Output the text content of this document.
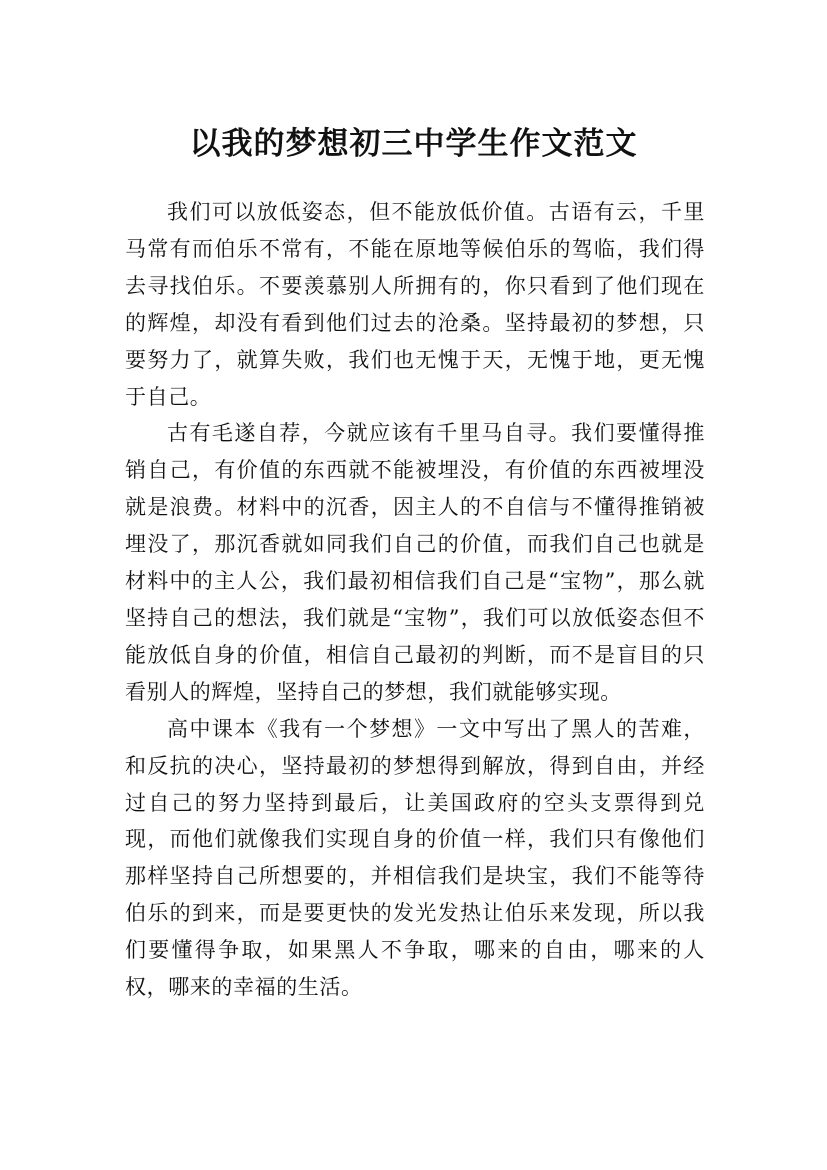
以我的梦想初三中学生作文范文

我们可以放低姿态，但不能放低价值。古语有云，千里马常有而伯乐不常有，不能在原地等候伯乐的驾临，我们得去寻找伯乐。不要羡慕别人所拥有的，你只看到了他们现在的辉煌，却没有看到他们过去的沧桑。坚持最初的梦想，只要努力了，就算失败，我们也无愧于天，无愧于地，更无愧于自己。

古有毛遂自荐，今就应该有千里马自寻。我们要懂得推销自己，有价值的东西就不能被埋没，有价值的东西被埋没就是浪费。材料中的沉香，因主人的不自信与不懂得推销被埋没了，那沉香就如同我们自己的价值，而我们自己也就是材料中的主人公，我们最初相信我们自己是“宝物”，那么就坚持自己的想法，我们就是“宝物”，我们可以放低姿态但不能放低自身的价值，相信自己最初的判断，而不是盲目的只看别人的辉煌，坚持自己的梦想，我们就能够实现。

高中课本《我有一个梦想》一文中写出了黑人的苦难，和反抗的决心，坚持最初的梦想得到解放，得到自由，并经过自己的努力坚持到最后，让美国政府的空头支票得到兑现，而他们就像我们实现自身的价值一样，我们只有像他们那样坚持自己所想要的，并相信我们是块宝，我们不能等待伯乐的到来，而是要更快的发光发热让伯乐来发现，所以我们要懂得争取，如果黑人不争取，哪来的自由，哪来的人权，哪来的幸福的生活。
